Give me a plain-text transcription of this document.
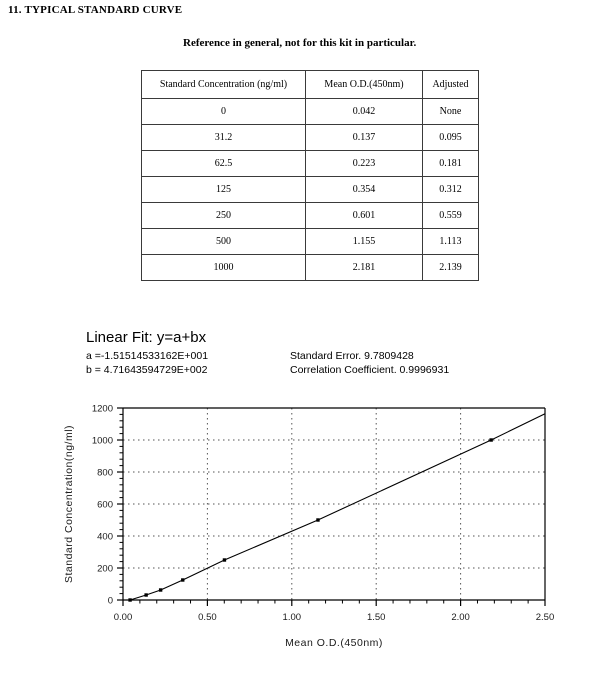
11. TYPICAL STANDARD CURVE
Reference in general, not for this kit in particular.
Standard Concentration (ng/ml)	Mean O.D.(450nm)	Adjusted
0	0.042	None
31.2	0.137	0.095
62.5	0.223	0.181
125	0.354	0.312
250	0.601	0.559
500	1.155	1.113
1000	2.181	2.139
Linear Fit: y=a+bx
a =-1.51514533162E+001	Standard Error. 9.7809428
b = 4.71643594729E+002	Correlation Coefficient. 0.9996931
0
200
400
600
800
1000
1200
0.00	0.50	1.00	1.50	2.00	2.50
Mean O.D.(450nm)
Standard Concentration(ng/ml)
